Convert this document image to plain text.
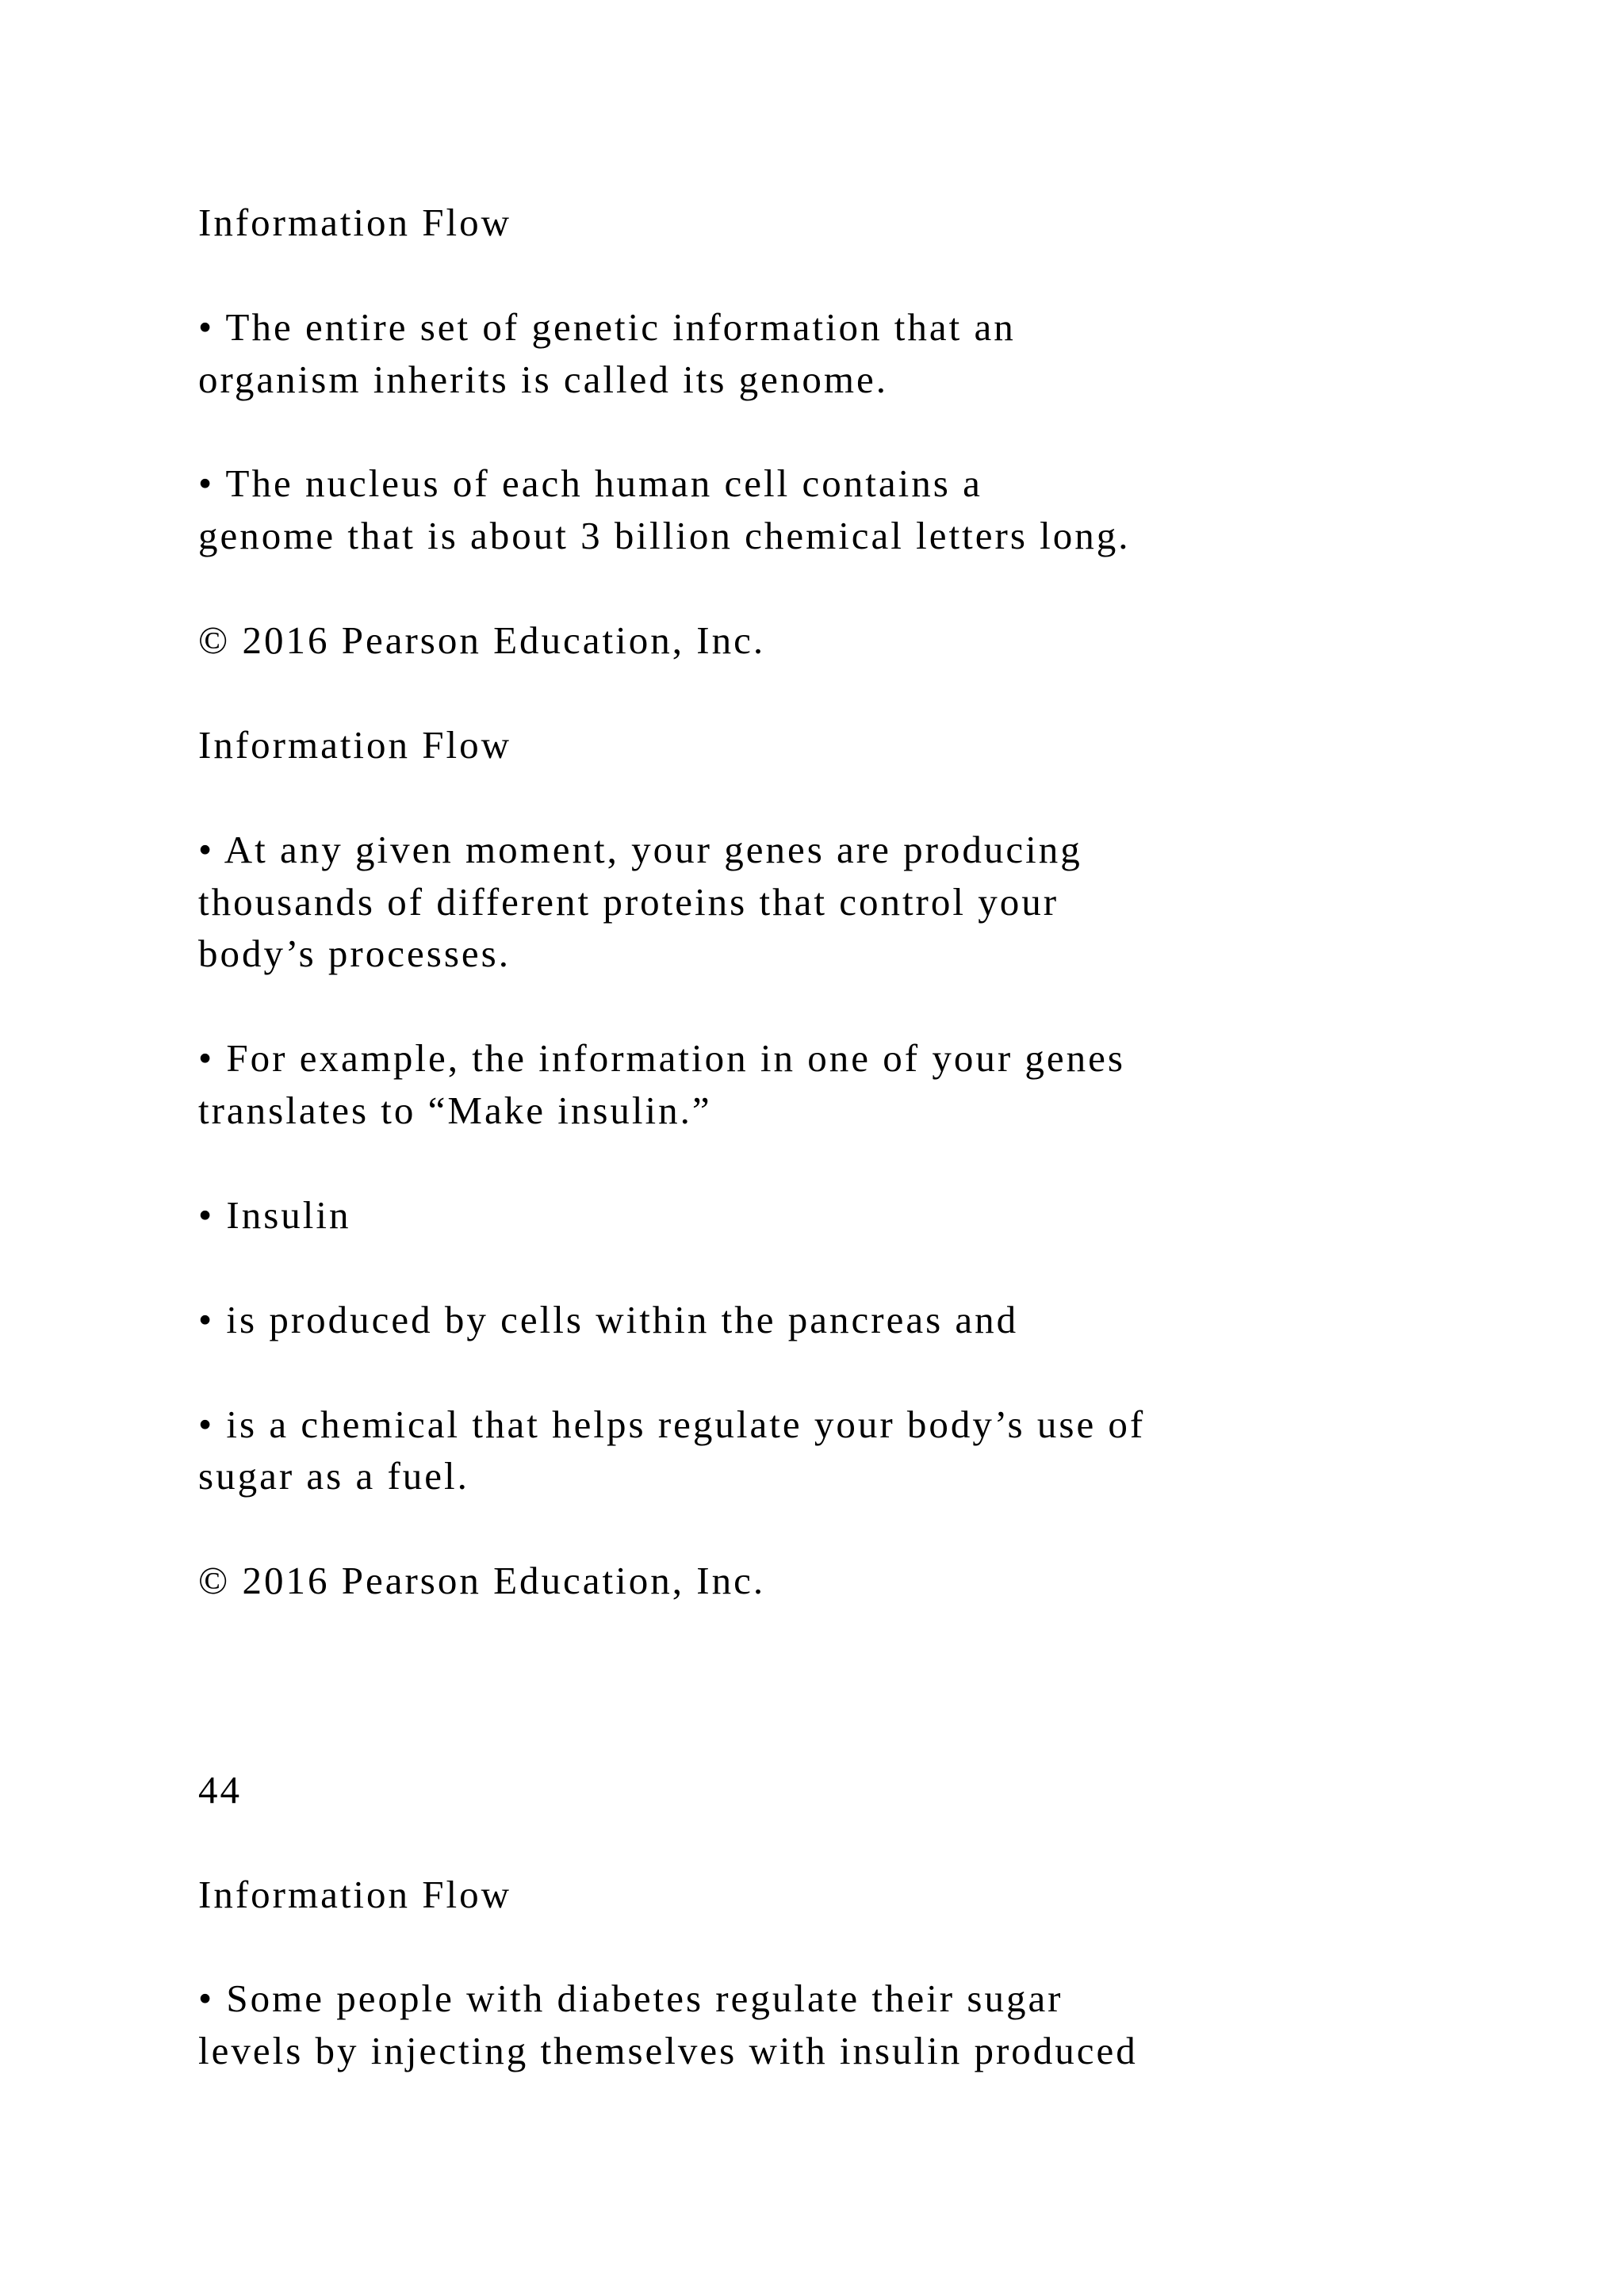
Information Flow

• The entire set of genetic information that an

organism inherits is called its genome.

• The nucleus of each human cell contains a

genome that is about 3 billion chemical letters long.

© 2016 Pearson Education, Inc.

Information Flow

• At any given moment, your genes are producing

thousands of different proteins that control your

body’s processes.

• For example, the information in one of your genes

translates to “Make insulin.”

• Insulin

• is produced by cells within the pancreas and

• is a chemical that helps regulate your body’s use of

sugar as a fuel.

© 2016 Pearson Education, Inc.

44

Information Flow

• Some people with diabetes regulate their sugar

levels by injecting themselves with insulin produced
